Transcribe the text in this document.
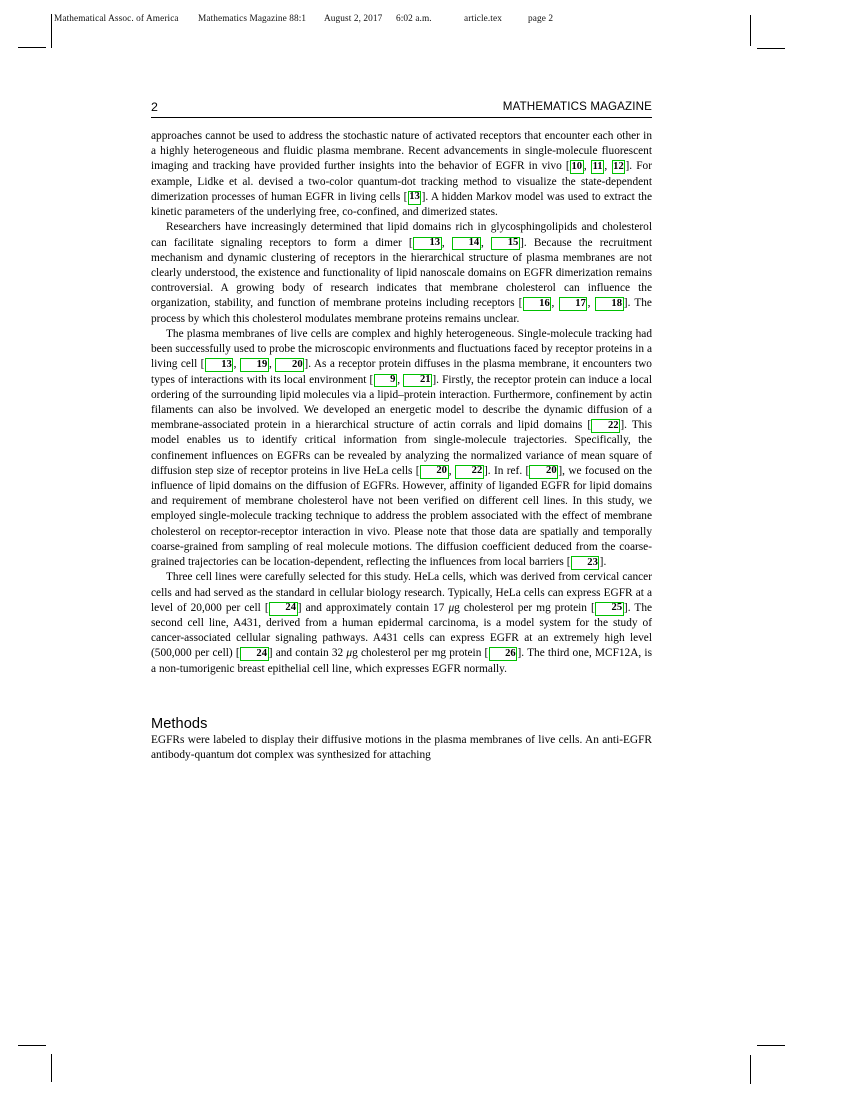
Mathematical Assoc. of America Mathematics Magazine 88:1 August 2, 2017 6:02 a.m.	article.tex	page 2
2	MATHEMATICS MAGAZINE

approaches cannot be used to address the stochastic nature of activated receptors that encounter each other in a highly heterogeneous and fluidic plasma membrane. Recent advancements in single-molecule fluorescent imaging and tracking have provided further insights into the behavior of EGFR in vivo [ 10 , 11 , 12 ]. For example, Lidke et al. devised a two-color quantum-dot tracking method to visualize the state-dependent dimerization processes of human EGFR in living cells [ 13 ]. A hidden Markov model was used to extract the kinetic parameters of the underlying free, co-confined, and dimerized states.

Researchers have increasingly determined that lipid domains rich in glycosphingolipids and cholesterol can facilitate signaling receptors to form a dimer [ 13 , 14 , 15 ]. Because the recruitment mechanism and dynamic clustering of receptors in the hierarchical structure of plasma membranes are not clearly understood, the existence and functionality of lipid nanoscale domains on EGFR dimerization remains controversial. A growing body of research indicates that membrane cholesterol can influence the organization, stability, and function of membrane proteins including receptors [ 16 , 17 , 18 ]. The process by which this cholesterol modulates membrane proteins remains unclear.

The plasma membranes of live cells are complex and highly heterogeneous. Single-molecule tracking had been successfully used to probe the microscopic environments and fluctuations faced by receptor proteins in a living cell [ 13 , 19 , 20 ]. As a receptor protein diffuses in the plasma membrane, it encounters two types of interactions with its local environment [ 9 , 21 ]. Firstly, the receptor protein can induce a local ordering of the surrounding lipid molecules via a lipid–protein interaction. Furthermore, confinement by actin filaments can also be involved. We developed an energetic model to describe the dynamic diffusion of a membrane-associated protein in a hierarchical structure of actin corrals and lipid domains [ 22 ]. This model enables us to identify critical information from single-molecule trajectories. Specifically, the confinement influences on EGFRs can be revealed by analyzing the normalized variance of mean square of diffusion step size of receptor proteins in live HeLa cells [ 20 , 22 ]. In ref. [ 20 ], we focused on the influence of lipid domains on the diffusion of EGFRs. However, affinity of liganded EGFR for lipid domains and requirement of membrane cholesterol have not been verified on different cell lines. In this study, we employed single-molecule tracking technique to address the problem associated with the effect of membrane cholesterol on receptor-receptor interaction in vivo. Please note that those data are spatially and temporally coarse-grained from sampling of real molecule motions. The diffusion coefficient deduced from the coarse-grained trajectories can be location-dependent, reflecting the influences from local barriers [ 23 ].

Three cell lines were carefully selected for this study. HeLa cells, which was derived from cervical cancer cells and had served as the standard in cellular biology research. Typically, HeLa cells can express EGFR at a level of 20,000 per cell [ 24 ] and approximately contain 17 μg cholesterol per mg protein [ 25 ]. The second cell line, A431, derived from a human epidermal carcinoma, is a model system for the study of cancer-associated cellular signaling pathways. A431 cells can express EGFR at an extremely high level (500,000 per cell) [ 24 ] and contain 32 μg cholesterol per mg protein [ 26 ]. The third one, MCF12A, is a non-tumorigenic breast epithelial cell line, which expresses EGFR normally.

Methods

EGFRs were labeled to display their diffusive motions in the plasma membranes of live cells. An anti-EGFR antibody-quantum dot complex was synthesized for attaching
